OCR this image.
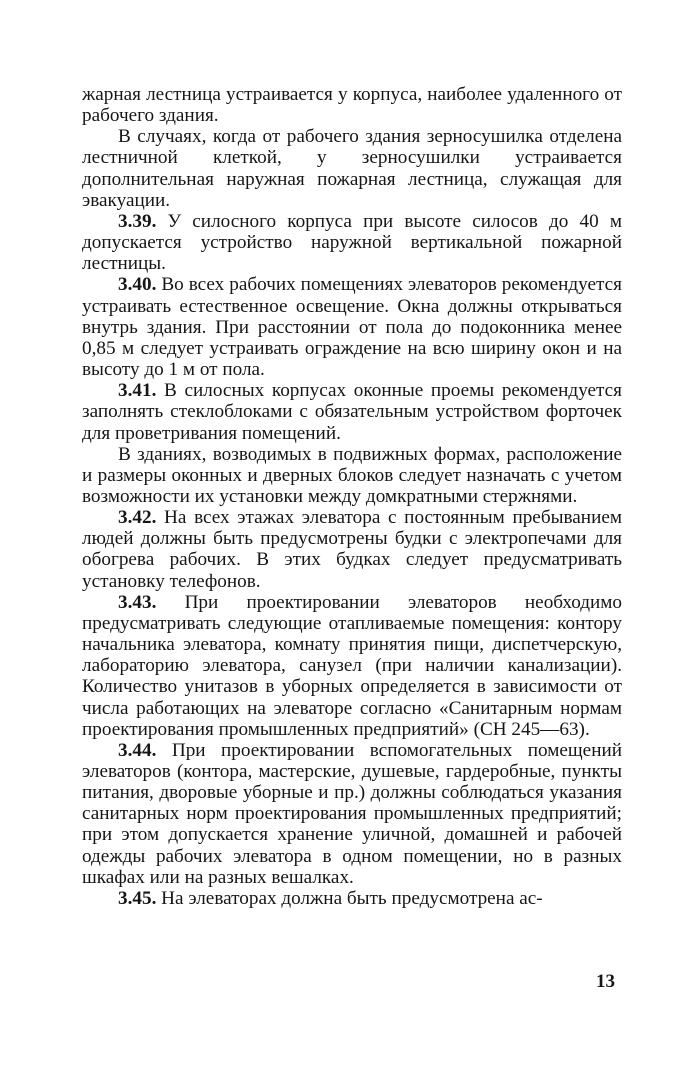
жарная лестница устраивается у корпуса, наиболее удаленного от рабочего здания.

В случаях, когда от рабочего здания зерносушилка отделена лестничной клеткой, у зерносушилки устраивается дополнительная наружная пожарная лестница, служащая для эвакуации.

3.39. У силосного корпуса при высоте силосов до 40 м допускается устройство наружной вертикальной пожарной лестницы.

3.40. Во всех рабочих помещениях элеваторов рекомендуется устраивать естественное освещение. Окна должны открываться внутрь здания. При расстоянии от пола до подоконника менее 0,85 м следует устраивать ограждение на всю ширину окон и на высоту до 1 м от пола.

3.41. В силосных корпусах оконные проемы рекомендуется заполнять стеклоблоками с обязательным устройством форточек для проветривания помещений.

В зданиях, возводимых в подвижных формах, расположение и размеры оконных и дверных блоков следует назначать с учетом возможности их установки между домкратными стержнями.

3.42. На всех этажах элеватора с постоянным пребыванием людей должны быть предусмотрены будки с электропечами для обогрева рабочих. В этих будках следует предусматривать установку телефонов.

3.43. При проектировании элеваторов необходимо предусматривать следующие отапливаемые помещения: контору начальника элеватора, комнату принятия пищи, диспетчерскую, лабораторию элеватора, санузел (при наличии канализации). Количество унитазов в уборных определяется в зависимости от числа работающих на элеваторе согласно «Санитарным нормам проектирования промышленных предприятий» (СН 245—63).

3.44. При проектировании вспомогательных помещений элеваторов (контора, мастерские, душевые, гардеробные, пункты питания, дворовые уборные и пр.) должны соблюдаться указания санитарных норм проектирования промышленных предприятий; при этом допускается хранение уличной, домашней и рабочей одежды рабочих элеватора в одном помещении, но в разных шкафах или на разных вешалках.

3.45. На элеваторах должна быть предусмотрена ас-

13
